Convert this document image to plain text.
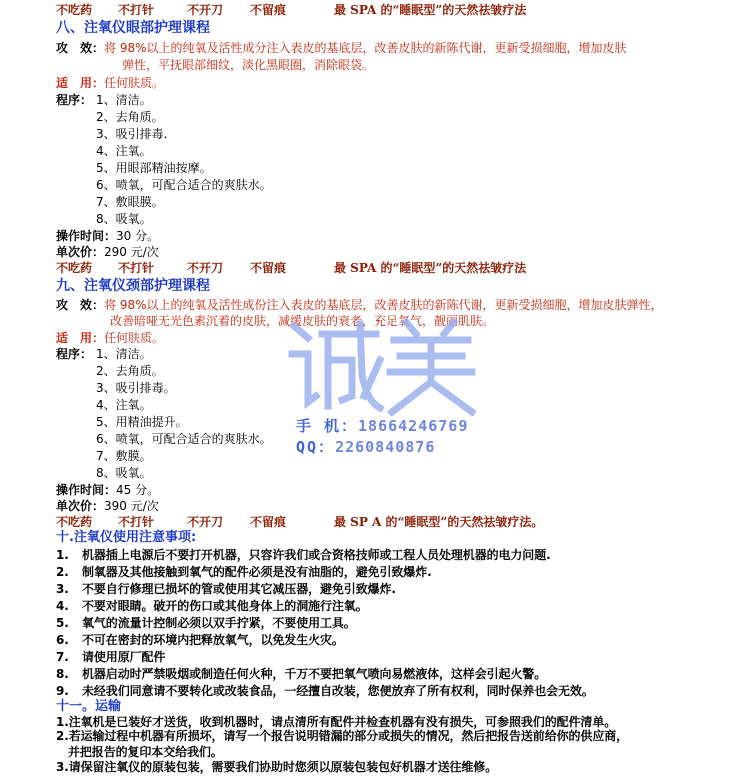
不吃药 不打针	不开刀 不留痕	最 SPA 的“睡眠型”的天然祛皱疗法
八、注氧仪眼部护理课程
攻　效：将 98%以上的纯氧及活性成分注入表皮的基底层，改善皮肤的新陈代谢，更新受损细胞，增加皮肤
弹性，平抚眼部细纹，淡化黑眼圈，消除眼袋。
适　用：任何肤质。
程序： 1、清洁。
2、去角质。
3、吸引排毒.
4、注氧。
5、用眼部精油按摩。
6、喷氧，可配合适合的爽肤水。
7、敷眼膜。
8、吸氧。
操作时间：30 分。
单次价：290 元/次
不吃药 不打针	不开刀 不留痕	最 SPA 的“睡眠型”的天然祛皱疗法
九、注氧仪颈部护理课程
攻　效：将 98%以上的纯氧及活性成份注入表皮的基底层，改善皮肤的新陈代谢，更新受损细胞，增加皮肤弹性，
改善暗哑无光色素沉着的皮肤，减缓皮肤的衰老，充足氧气，靓丽肌肤。
适　用：任何肤质。
程序： 1、清洁。
2、去角质。
3、吸引排毒。
4、注氧。
5、用精油提升。
6、喷氧，可配合适合的爽肤水。
7、敷膜。
8、吸氧。
操作时间：45 分。
单次价：390 元/次
不吃药 不打针	不开刀 不留痕	最 SP A 的“睡眠型”的天然祛皱疗法。
十.注氧仪使用注意事项:
1. 机器插上电源后不要打开机器，只容许我们或合资格技师或工程人员处理机器的电力问题.
2. 制氧器及其他接触到氧气的配件必须是没有油脂的，避免引致爆炸.
3. 不要自行修理已损坏的管或使用其它减压器，避免引致爆炸.
4. 不要对眼睛。破开的伤口或其他身体上的洞施行注氧。
5. 氧气的流量计控制必须以双手拧紧，不要使用工具。
6. 不可在密封的环境内把释放氧气，以免发生火灾。
7. 请使用原厂配件
8. 机器启动时严禁吸烟或制造任何火种，千万不要把氧气喷向易燃液体，这样会引起火警。
9. 未经我们同意请不要转化或改装食品，一经擅自改装，您便放弃了所有权利，同时保养也会无效。
十一。运输
1.注氧机是已装好才送货，收到机器时，请点清所有配件并检查机器有没有损失，可参照我们的配件清单。
2.若运输过程中机器有所损坏，请写一个报告说明错漏的部分或损失的情况，然后把报告送前给你的供应商，
并把报告的复印本交给我们。
3.请保留注氧仪的原装包装，需要我们协助时您须以原装包装包好机器才送往维修。
手 机：18664246769
QQ：2260840876
